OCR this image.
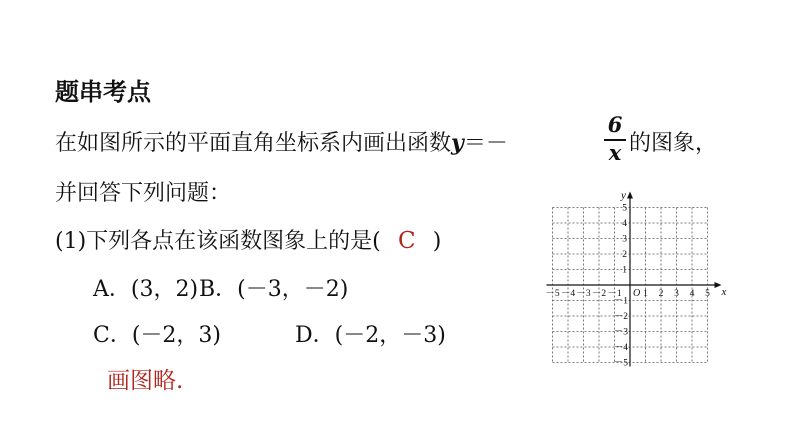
题串考点
在如图所示的平面直角坐标系内画出函数y＝－
6
x 的图象，
并回答下列问题：
(1)下列各点在该函数图象上的是( C )
A．(3，2) B．(－3，－2)
C．(－2，3)	D．(－2，－3)
画图略.
x
y
O
－5 －4 －3 －2 －1 1 2 3 4 5
5
4
3
2
1
－1
－2
－3
－4
－5
